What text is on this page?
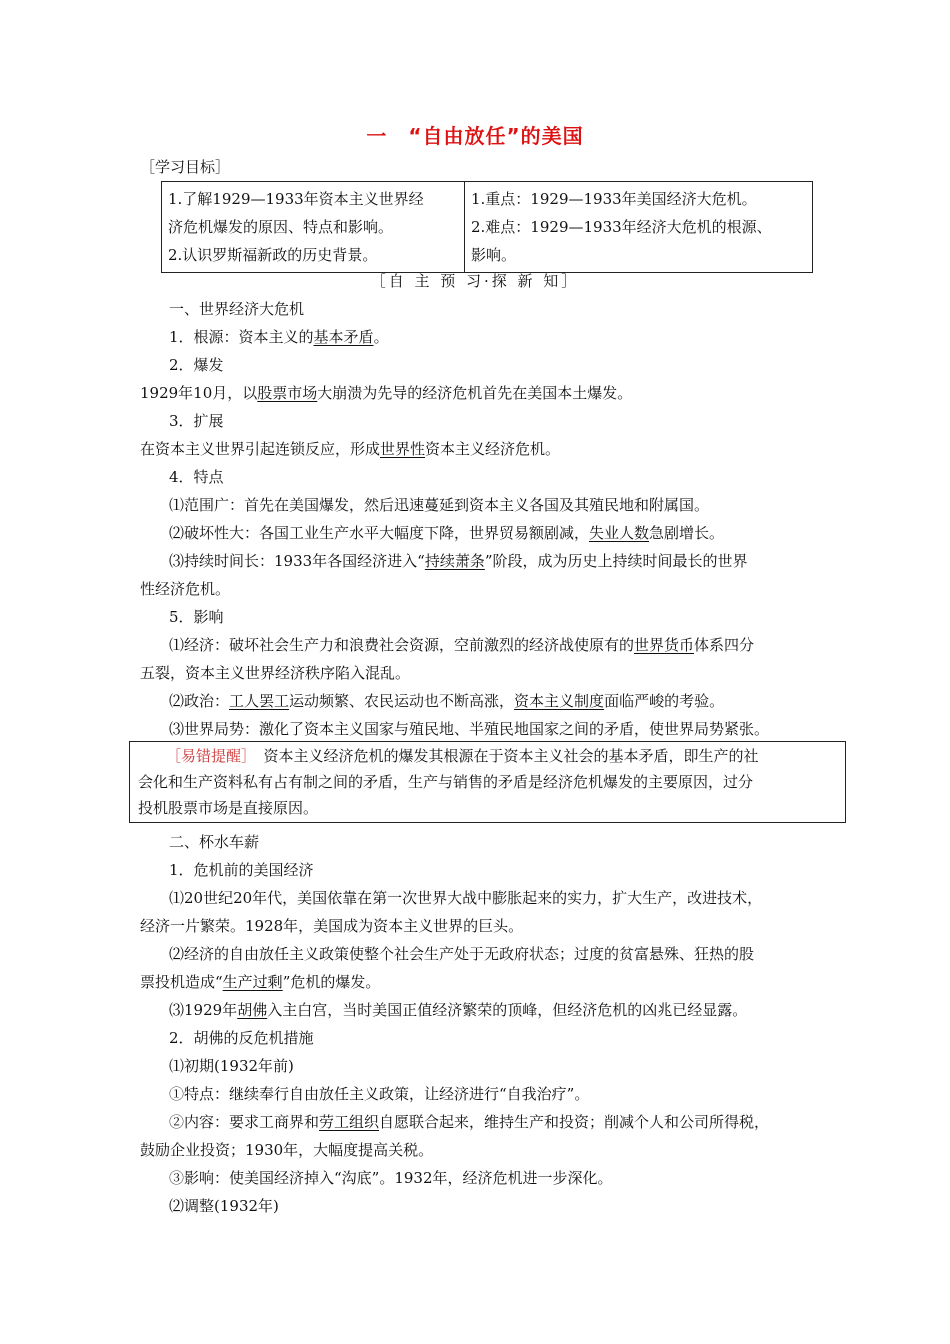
一　“自由放任”的美国
［学习目标］
1.了解1929—1933年资本主义世界经
济危机爆发的原因、特点和影响。
2.认识罗斯福新政的历史背景。

1.重点：1929—1933年美国经济大危机。
2.难点：1929—1933年经济大危机的根源、
影响。
［自 主 预 习·探 新 知］
一、世界经济大危机
1．根源：资本主义的基本矛盾。
2．爆发
1929年10月，以股票市场大崩溃为先导的经济危机首先在美国本土爆发。
3．扩展
在资本主义世界引起连锁反应，形成世界性资本主义经济危机。
4．特点
⑴范围广：首先在美国爆发，然后迅速蔓延到资本主义各国及其殖民地和附属国。
⑵破坏性大：各国工业生产水平大幅度下降，世界贸易额剧减，失业人数急剧增长。
⑶持续时间长：1933年各国经济进入“持续萧条”阶段，成为历史上持续时间最长的世界
性经济危机。
5．影响
⑴经济：破坏社会生产力和浪费社会资源，空前激烈的经济战使原有的世界货币体系四分
五裂，资本主义世界经济秩序陷入混乱。
⑵政治：工人罢工运动频繁、农民运动也不断高涨，资本主义制度面临严峻的考验。
⑶世界局势：激化了资本主义国家与殖民地、半殖民地国家之间的矛盾，使世界局势紧张。
［易错提醒］　资本主义经济危机的爆发其根源在于资本主义社会的基本矛盾，即生产的社
会化和生产资料私有占有制之间的矛盾，生产与销售的矛盾是经济危机爆发的主要原因，过分
投机股票市场是直接原因。
二、杯水车薪
1．危机前的美国经济
⑴20世纪20年代，美国依靠在第一次世界大战中膨胀起来的实力，扩大生产，改进技术，
经济一片繁荣。1928年，美国成为资本主义世界的巨头。
⑵经济的自由放任主义政策使整个社会生产处于无政府状态；过度的贫富悬殊、狂热的股
票投机造成“生产过剩”危机的爆发。
⑶1929年胡佛入主白宫，当时美国正值经济繁荣的顶峰，但经济危机的凶兆已经显露。
2．胡佛的反危机措施
⑴初期(1932年前)
①特点：继续奉行自由放任主义政策，让经济进行“自我治疗”。
②内容：要求工商界和劳工组织自愿联合起来，维持生产和投资；削减个人和公司所得税，
鼓励企业投资；1930年，大幅度提高关税。
③影响：使美国经济掉入“沟底”。1932年，经济危机进一步深化。
⑵调整(1932年)
